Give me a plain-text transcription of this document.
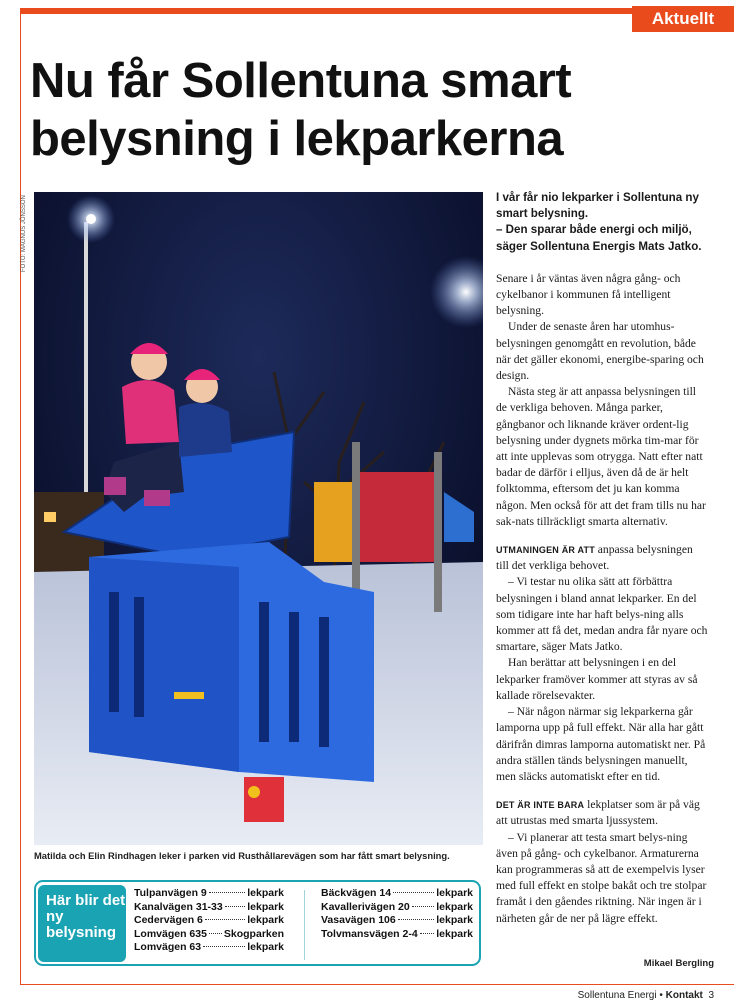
Aktuellt
Nu får Sollentuna smart belysning i lekparkerna
FOTO: MAGNUS JÖNSSON
Matilda och Elin Rindhagen leker i parken vid Rusthållarevägen som har fått smart belysning.
Här blir det ny belysning
Tulpanvägen 9	lekpark
Kanalvägen 31-33 lekpark
Cedervägen 6	lekpark
Lomvägen 635 Skogparken
Lomvägen 63	lekpark
Bäckvägen 14	lekpark
Kavallerivägen 20	lekpark
Vasavägen 106	lekpark
Tolvmansvägen 2-4 lekpark

I vår får nio lekparker i Sollentuna ny smart belysning.
– Den sparar både energi och miljö, säger Sollentuna Energis Mats Jatko.

Senare i år väntas även några gång- och cykelbanor i kommunen få intelligent belysning.

Under de senaste åren har utomhus-belysningen genomgått en revolution, både när det gäller ekonomi, energibe-sparing och design.

Nästa steg är att anpassa belysningen till de verkliga behoven. Många parker, gångbanor och liknande kräver ordent-lig belysning under dygnets mörka tim-mar för att inte upplevas som otrygga. Natt efter natt badar de därför i elljus, även då de är helt folktomma, eftersom det ju kan komma någon. Men också för att det fram tills nu har sak-nats tillräckligt smarta alternativ.

UTMANINGEN ÄR ATT anpassa belysningen till det verkliga behovet.

– Vi testar nu olika sätt att förbättra belysningen i bland annat lekparker. En del som tidigare inte har haft belys-ning alls kommer att få det, medan andra får nyare och smartare, säger Mats Jatko.

Han berättar att belysningen i en del lekparker framöver kommer att styras av så kallade rörelsevakter.

– När någon närmar sig lekparkerna går lamporna upp på full effekt. När alla har gått därifrån dimras lamporna automatiskt ner. På andra ställen tänds belysningen manuellt, men släcks automatiskt efter en tid.

DET ÄR INTE BARA lekplatser som är på väg att utrustas med smarta ljussystem.

– Vi planerar att testa smart belys-ning även på gång- och cykelbanor. Armaturerna kan programmeras så att de exempelvis lyser med full effekt en stolpe bakåt och tre stolpar framåt i den gåendes riktning. När ingen är i närheten går de ner på lägre effekt.

Mikael Bergling
Sollentuna Energi • Kontakt 3
